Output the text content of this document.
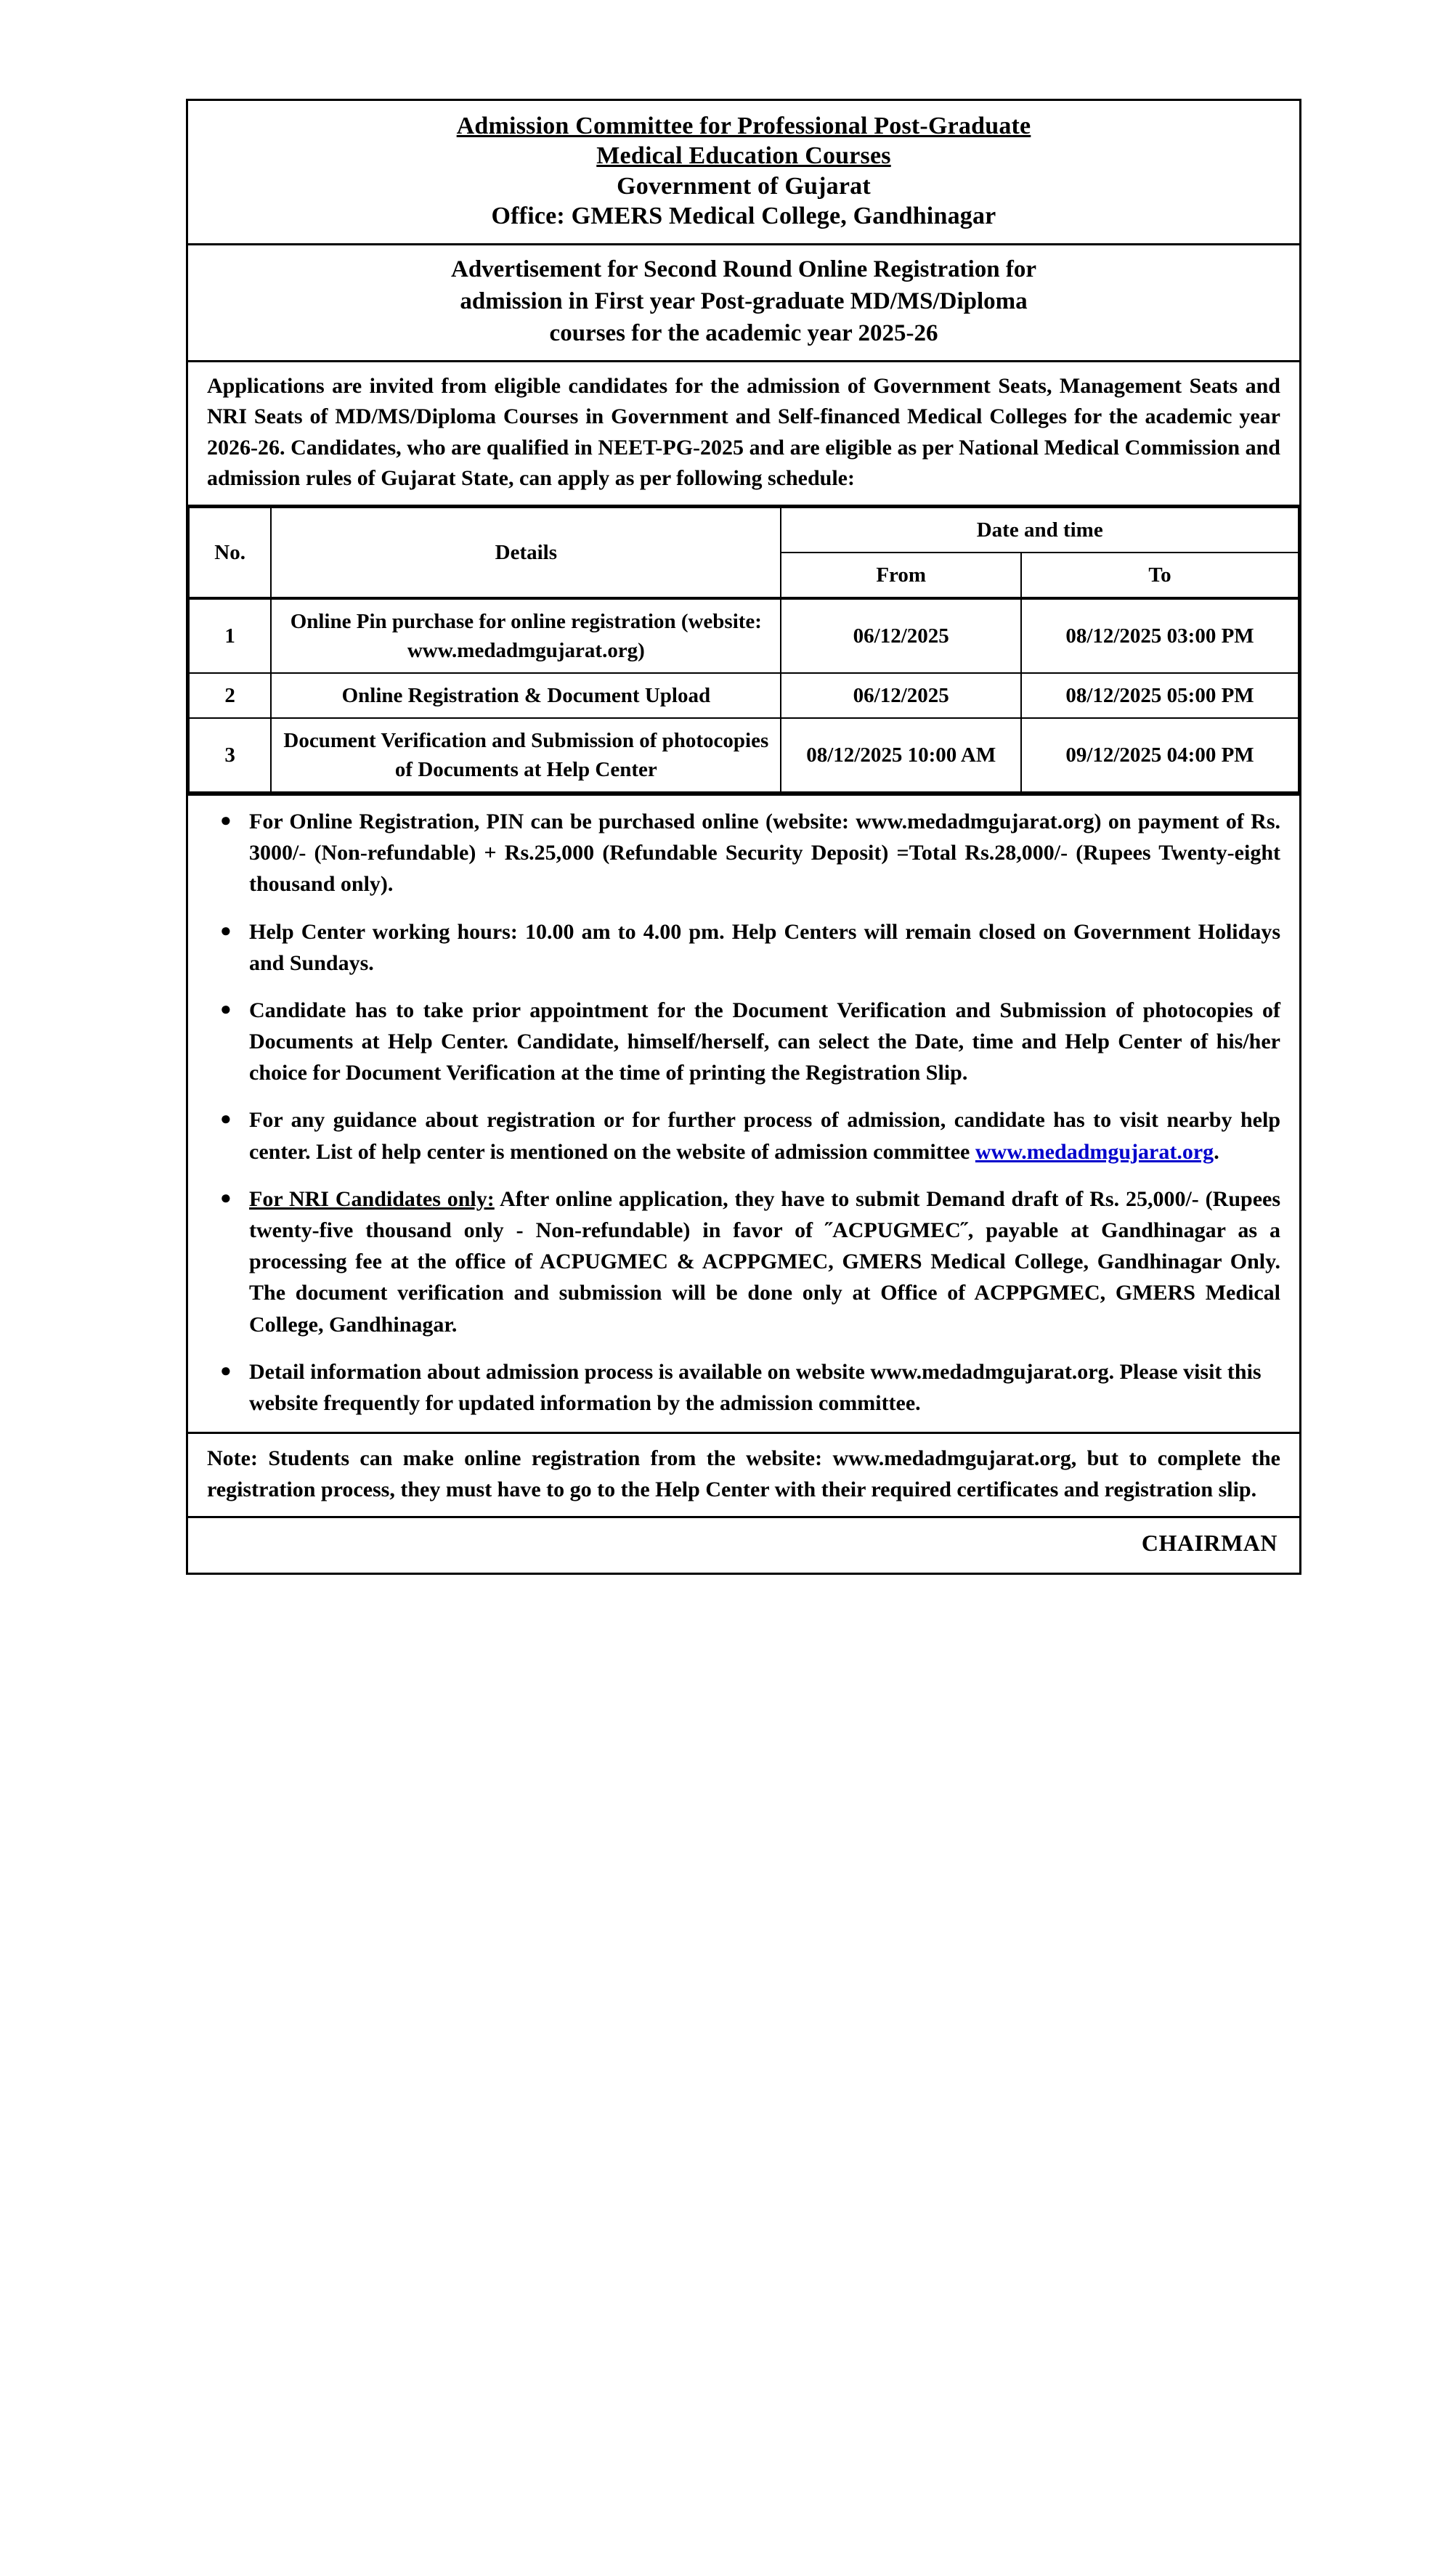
Admission Committee for Professional Post-Graduate
Medical Education Courses
Government of Gujarat
Office: GMERS Medical College, Gandhinagar
Advertisement for Second Round Online Registration for
admission in First year Post-graduate MD/MS/Diploma
courses for the academic year 2025-26
Applications are invited from eligible candidates for the admission of Government Seats, Management Seats and NRI Seats of MD/MS/Diploma Courses in Government and Self-financed Medical Colleges for the academic year 2026-26. Candidates, who are qualified in NEET-PG-2025 and are eligible as per National Medical Commission and admission rules of Gujarat State, can apply as per following schedule:
No.	Details	Date and time	
		From	To
1	Online Pin purchase for online registration (website: www.medadmgujarat.org)	06/12/2025	08/12/2025 03:00 PM
2	Online Registration & Document Upload	06/12/2025	08/12/2025 05:00 PM
3	Document Verification and Submission of photocopies of Documents at Help Center	08/12/2025 10:00 AM	09/12/2025 04:00 PM
● For Online Registration, PIN can be purchased online (website: www.medadmgujarat.org) on payment of Rs. 3000/- (Non-refundable) + Rs.25,000 (Refundable Security Deposit) =Total Rs.28,000/- (Rupees Twenty-eight thousand only).
● Help Center working hours: 10.00 am to 4.00 pm. Help Centers will remain closed on Government Holidays and Sundays.
● Candidate has to take prior appointment for the Document Verification and Submission of photocopies of Documents at Help Center. Candidate, himself/herself, can select the Date, time and Help Center of his/her choice for Document Verification at the time of printing the Registration Slip.
● For any guidance about registration or for further process of admission, candidate has to visit nearby help center. List of help center is mentioned on the website of admission committee www.medadmgujarat.org.
● For NRI Candidates only: After online application, they have to submit Demand draft of Rs. 25,000/- (Rupees twenty-five thousand only - Non-refundable) in favor of ˝ACPUGMEC˝, payable at Gandhinagar as a processing fee at the office of ACPUGMEC & ACPPGMEC, GMERS Medical College, Gandhinagar Only. The document verification and submission will be done only at Office of ACPPGMEC, GMERS Medical College, Gandhinagar.
● Detail information about admission process is available on website www.medadmgujarat.org. Please visit this website frequently for updated information by the admission committee.
Note: Students can make online registration from the website: www.medadmgujarat.org, but to complete the registration process, they must have to go to the Help Center with their required certificates and registration slip.
CHAIRMAN
